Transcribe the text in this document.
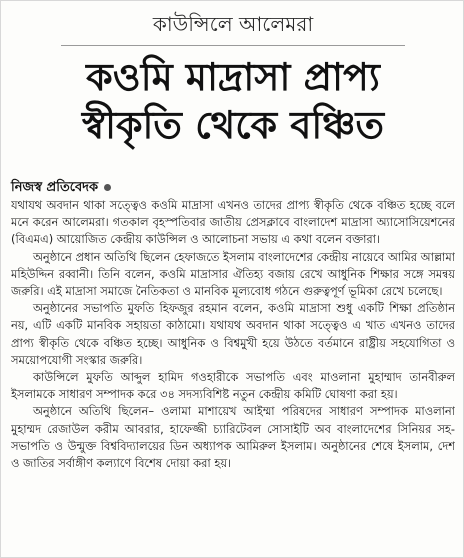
কাউন্সিলে আলেমরা
কওমি মাদ্রাসা প্রাপ্য
স্বীকৃতি থেকে বঞ্চিত
নিজস্ব প্রতিবেদক

যথাযথ অবদান থাকা সত্ত্বেও কওমি মাদ্রাসা এখনও তাদের প্রাপ্য স্বীকৃতি থেকে বঞ্চিত হচ্ছে বলে মনে করেন আলেমরা। গতকাল বৃহস্পতিবার জাতীয় প্রেসক্লাবে বাংলাদেশ মাদ্রাসা অ্যাসোসিয়েশনের (বিএমএ) আয়োজিত কেন্দ্রীয় কাউন্সিল ও আলোচনা সভায় এ কথা বলেন বক্তারা।

অনুষ্ঠানে প্রধান অতিথি ছিলেন হেফাজতে ইসলাম বাংলাদেশের কেন্দ্রীয় নায়েবে আমির আল্লামা মহিউদ্দিন রব্বানী। তিনি বলেন, কওমি মাদ্রাসার ঐতিহ্য বজায় রেখে আধুনিক শিক্ষার সঙ্গে সমন্বয় জরুরি। এই মাদ্রাসা সমাজে নৈতিকতা ও মানবিক মূল্যবোধ গঠনে গুরুত্বপূর্ণ ভূমিকা রেখে চলেছে।

অনুষ্ঠানের সভাপতি মুফতি হিফজুর রহমান বলেন, কওমি মাদ্রাসা শুধু একটি শিক্ষা প্রতিষ্ঠান নয়, এটি একটি মানবিক সহায়তা কাঠামো। যথাযথ অবদান থাকা সত্ত্বেও এ খাত এখনও তাদের প্রাপ্য স্বীকৃতি থেকে বঞ্চিত হচ্ছে। আধুনিক ও বিশ্বমুখী হয়ে উঠতে বর্তমানে রাষ্ট্রীয় সহযোগিতা ও সময়োপযোগী সংস্কার জরুরি।

কাউন্সিলে মুফতি আব্দুল হামিদ গওহারীকে সভাপতি এবং মাওলানা মুহাম্মাদ তানবীরুল ইসলামকে সাধারণ সম্পাদক করে ৩৪ সদস্যবিশিষ্ট নতুন কেন্দ্রীয় কমিটি ঘোষণা করা হয়।

অনুষ্ঠানে অতিথি ছিলেন– ওলামা মাশায়েখ আইম্মা পরিষদের সাধারণ সম্পাদক মাওলানা মুহাম্মদ রেজাউল করীম আবরার, হাফেজ্জী চ্যারিটেবল সোসাইটি অব বাংলাদেশের সিনিয়র সহ-সভাপতি ও উন্মুক্ত বিশ্ববিদ্যালয়ের ডিন অধ্যাপক আমিরুল ইসলাম। অনুষ্ঠানের শেষে ইসলাম, দেশ ও জাতির সর্বাঙ্গীণ কল্যাণে বিশেষ দোয়া করা হয়।
